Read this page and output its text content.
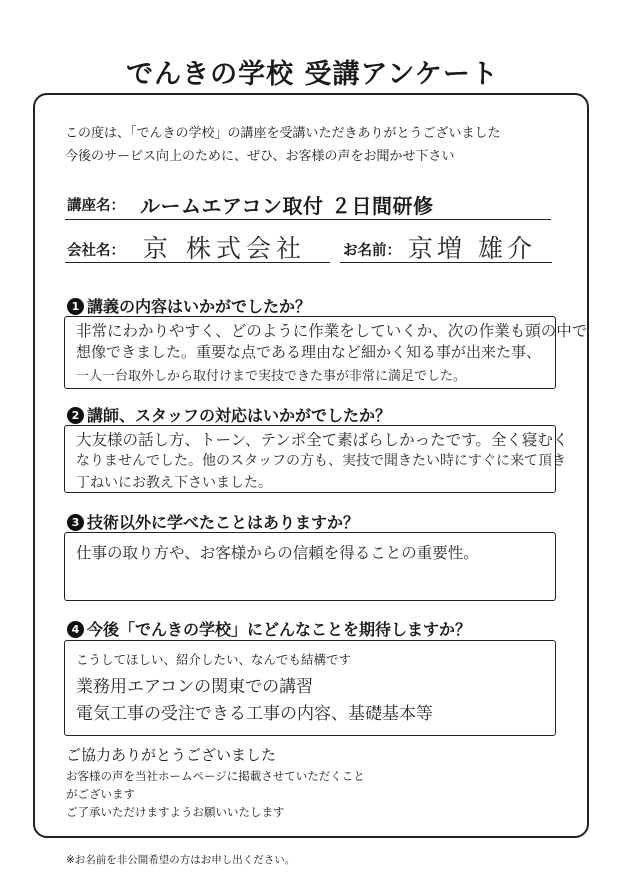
でんきの学校 受講アンケート
この度は、「でんきの学校」の講座を受講いただきありがとうございました
今後のサービス向上のために、ぜひ、お客様の声をお聞かせ下さい
講座名： ルームエアコン取付 ２日間研修
会社名： 京 株式会社	お名前： 京増 雄介
1 講義の内容はいかがでしたか？
非常にわかりやすく、どのように作業をしていくか、次の作業も頭の中で
想像できました。重要な点である理由など細かく知る事が出来た事、
一人一台取外しから取付けまで実技できた事が非常に満足でした。
2 講師、スタッフの対応はいかがでしたか？
大友様の話し方、トーン、テンポ全て素ばらしかったです。全く寝むく
なりませんでした。他のスタッフの方も、実技で聞きたい時にすぐに来て頂き
丁ねいにお教え下さいました。
3 技術以外に学べたことはありますか？
仕事の取り方や、お客様からの信頼を得ることの重要性。
4 今後「でんきの学校」にどんなことを期待しますか？
こうしてほしい、紹介したい、なんでも結構です
業務用エアコンの関東での講習
電気工事の受注できる工事の内容、基礎基本等
ご協力ありがとうございました
お客様の声を当社ホームページに掲載させていただくこと
がございます
ご了承いただけますようお願いいたします
※お名前を非公開希望の方はお申し出ください。
